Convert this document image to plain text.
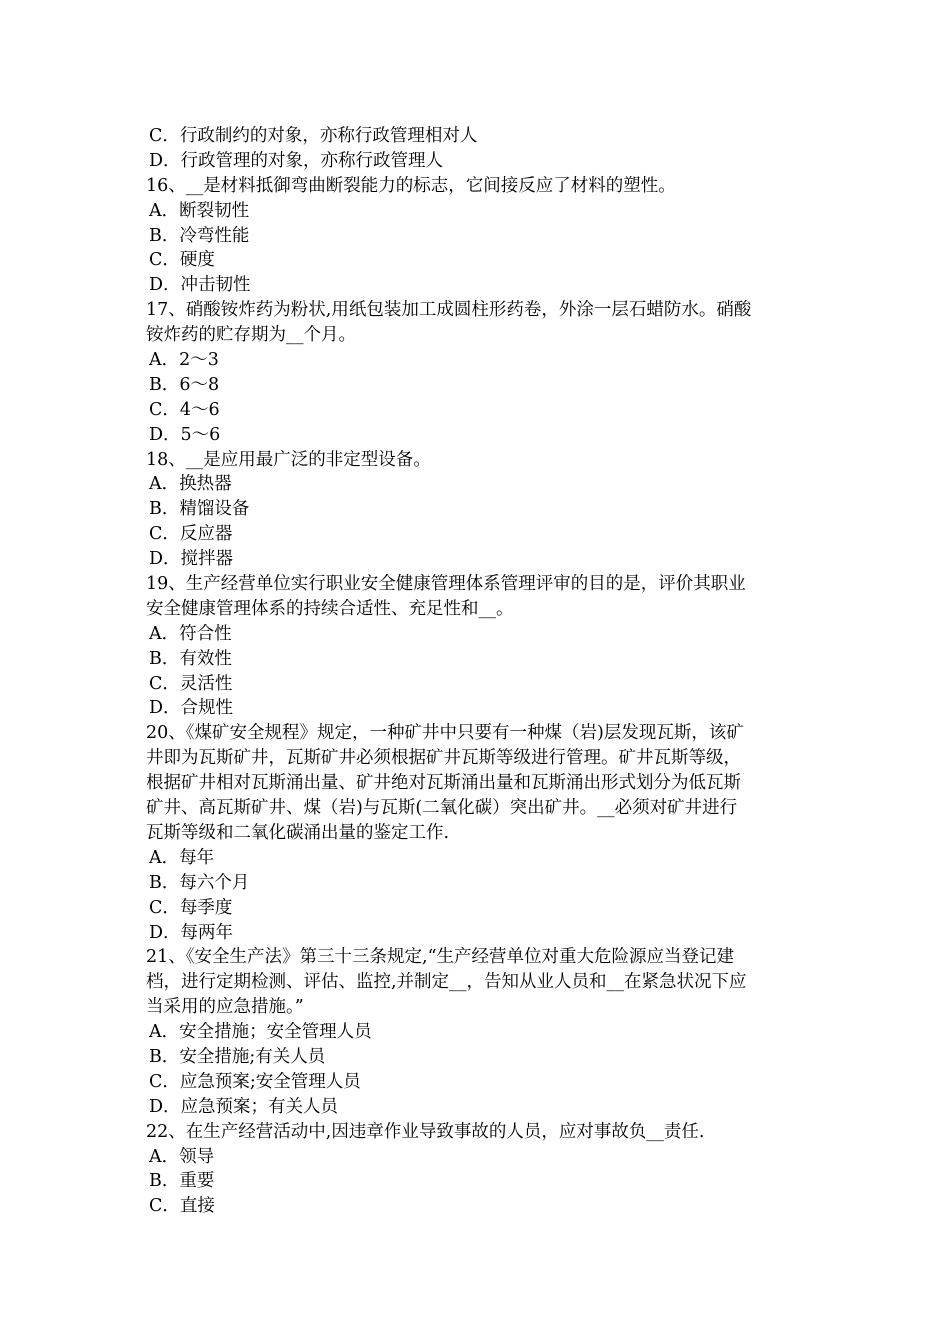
C．行政制约的对象，亦称行政管理相对人
D．行政管理的对象，亦称行政管理人
16、__是材料抵御弯曲断裂能力的标志，它间接反应了材料的塑性。
A．断裂韧性
B．冷弯性能
C．硬度
D．冲击韧性
17、硝酸铵炸药为粉状,用纸包装加工成圆柱形药卷，外涂一层石蜡防水。硝酸
铵炸药的贮存期为__个月。
A．2～3
B．6～8
C．4～6
D．5～6
18、__是应用最广泛的非定型设备。
A．换热器
B．精馏设备
C．反应器
D．搅拌器
19、生产经营单位实行职业安全健康管理体系管理评审的目的是，评价其职业
安全健康管理体系的持续合适性、充足性和__。
A．符合性
B．有效性
C．灵活性
D．合规性
20、《煤矿安全规程》规定，一种矿井中只要有一种煤（岩)层发现瓦斯，该矿
井即为瓦斯矿井，瓦斯矿井必须根据矿井瓦斯等级进行管理。矿井瓦斯等级，
根据矿井相对瓦斯涌出量、矿井绝对瓦斯涌出量和瓦斯涌出形式划分为低瓦斯
矿井、高瓦斯矿井、煤（岩)与瓦斯(二氧化碳）突出矿井。__必须对矿井进行
瓦斯等级和二氧化碳涌出量的鉴定工作.
A．每年
B．每六个月
C．每季度
D．每两年
21、《安全生产法》第三十三条规定,“生产经营单位对重大危险源应当登记建
档，进行定期检测、评估、监控,并制定__，告知从业人员和__在紧急状况下应
当采用的应急措施。”
A．安全措施；安全管理人员
B．安全措施;有关人员
C．应急预案;安全管理人员
D．应急预案；有关人员
22、在生产经营活动中,因违章作业导致事故的人员，应对事故负__责任.
A．领导
B．重要
C．直接
